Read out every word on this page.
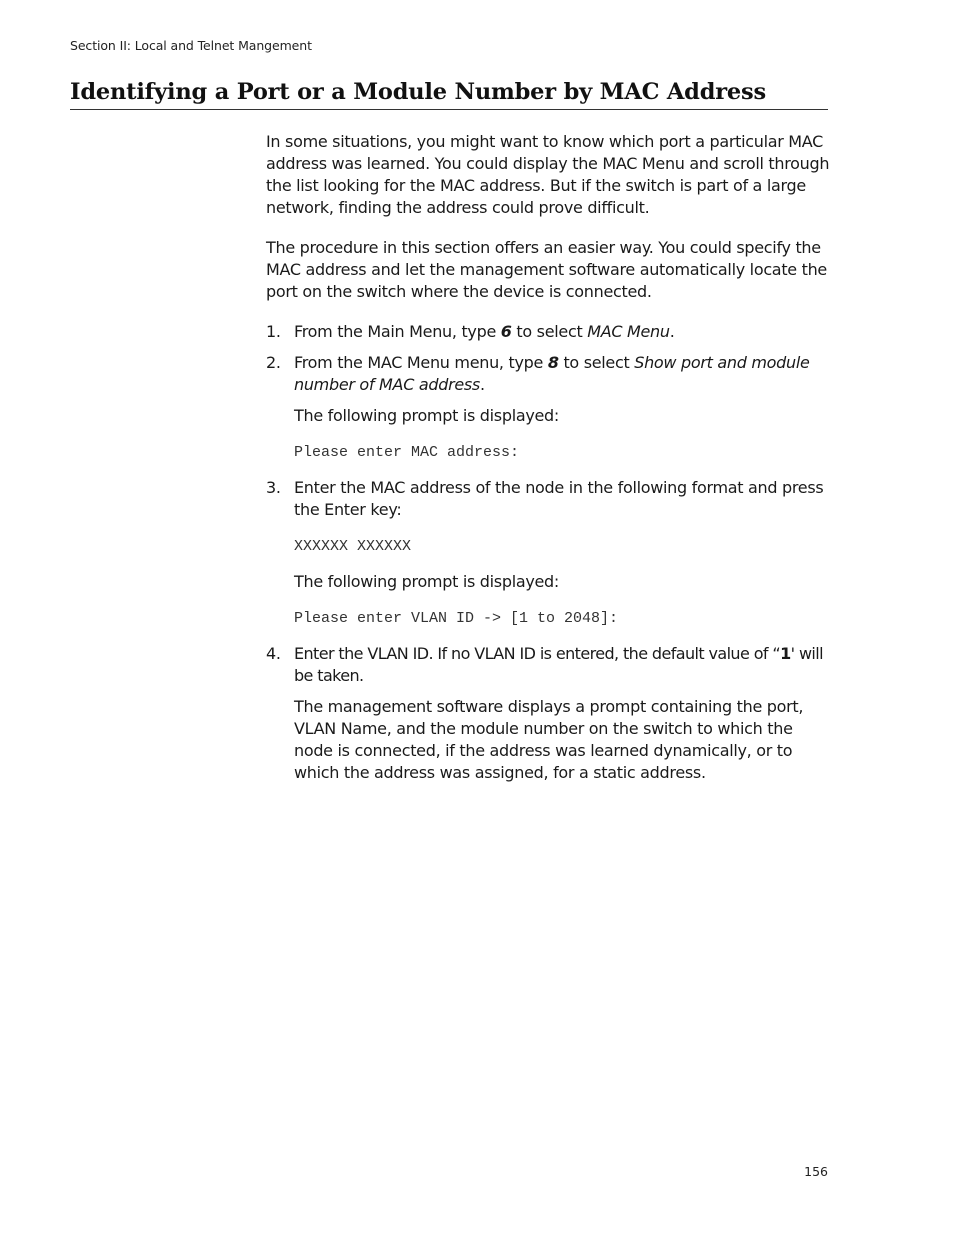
Section II: Local and Telnet Mangement
Identifying a Port or a Module Number by MAC Address

In some situations, you might want to know which port a particular MAC address was learned. You could display the MAC Menu and scroll through the list looking for the MAC address. But if the switch is part of a large network, finding the address could prove difficult.

The procedure in this section offers an easier way. You could specify the MAC address and let the management software automatically locate the port on the switch where the device is connected.

1. From the Main Menu, type 6 to select MAC Menu.
2. From the MAC Menu menu, type 8 to select Show port and module number of MAC address.

The following prompt is displayed:

Please enter MAC address:
3. Enter the MAC address of the node in the following format and press the Enter key:
XXXXXX XXXXXX

The following prompt is displayed:

Please enter VLAN ID -> [1 to 2048]:
4. Enter the VLAN ID. If no VLAN ID is entered, the default value of “1' will be taken.

The management software displays a prompt containing the port, VLAN Name, and the module number on the switch to which the node is connected, if the address was learned dynamically, or to which the address was assigned, for a static address.

156
